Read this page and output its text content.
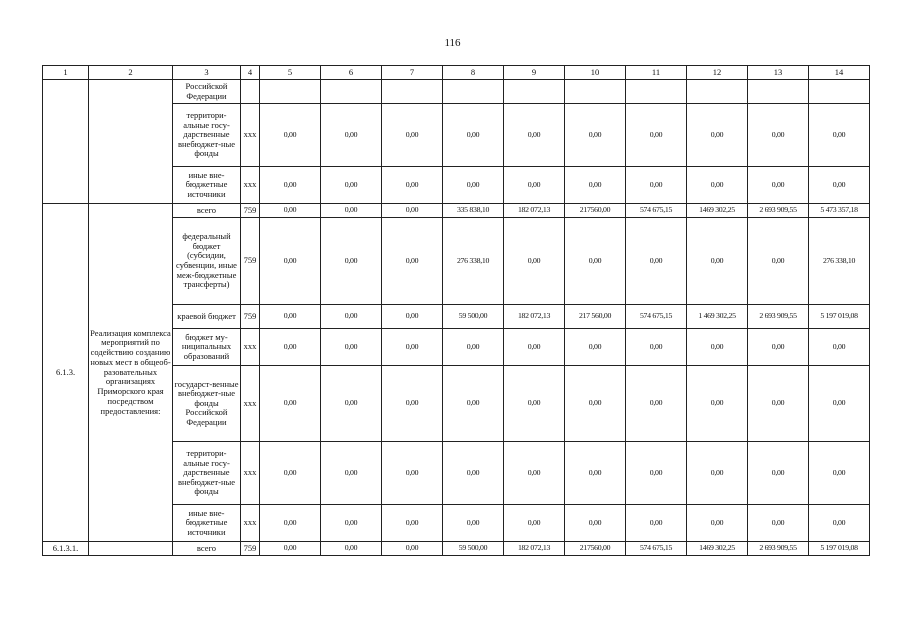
116
1	2	3	4	5	6	7	8	9	10	11	12	13	14
		Российской Федерации											
		территори-альные госу-дарственные внебюджет-ные фонды	ххх	0,00	0,00	0,00	0,00	0,00	0,00	0,00	0,00	0,00	0,00
		иные вне-бюджетные источники	ххх	0,00	0,00	0,00	0,00	0,00	0,00	0,00	0,00	0,00	0,00
6.1.3.	Реализация комплекса мероприятий по содействию созданию новых мест в общеоб-разовательных организациях Приморского края посредством предоставления:	всего	759	0,00	0,00	0,00	335 838,10	182 072,13	217560,00	574 675,15	1469 302,25	2 693 909,55	5 473 357,18
		федеральный бюджет (субсидии, субвенции, иные меж-бюджетные трансферты)	759	0,00	0,00	0,00	276 338,10	0,00	0,00	0,00	0,00	0,00	276 338,10
		краевой бюджет	759	0,00	0,00	0,00	59 500,00	182 072,13	217 560,00	574 675,15	1 469 302,25	2 693 909,55	5 197 019,08
		бюджет му-ниципальных образований	ххх	0,00	0,00	0,00	0,00	0,00	0,00	0,00	0,00	0,00	0,00
		государст-венные внебюджет-ные фонды Российской Федерации	ххх	0,00	0,00	0,00	0,00	0,00	0,00	0,00	0,00	0,00	0,00
		территори-альные госу-дарственные внебюджет-ные фонды	ххх	0,00	0,00	0,00	0,00	0,00	0,00	0,00	0,00	0,00	0,00
		иные вне-бюджетные источники	ххх	0,00	0,00	0,00	0,00	0,00	0,00	0,00	0,00	0,00	0,00
6.1.3.1.		всего	759	0,00	0,00	0,00	59 500,00	182 072,13	217560,00	574 675,15	1469 302,25	2 693 909,55	5 197 019,08
